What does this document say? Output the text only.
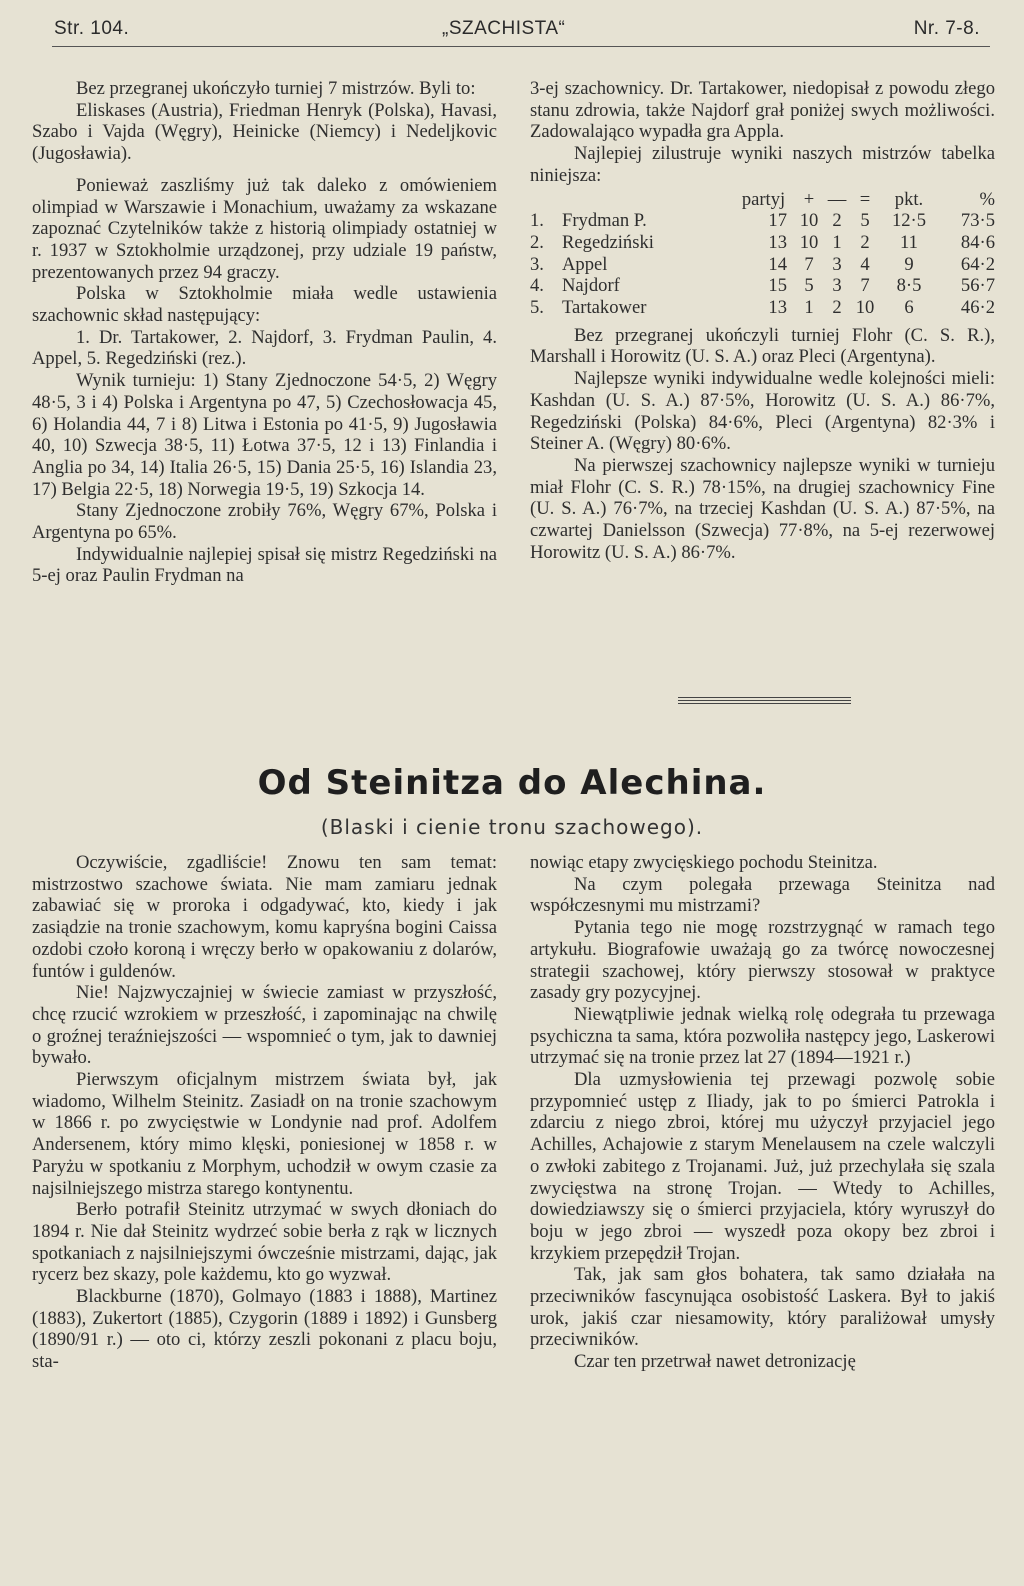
Str. 104.	„SZACHISTA“	Nr. 7-8.

Bez przegranej ukończyło turniej 7 mistrzów. Byli to:

Eliskases (Austria), Friedman Henryk (Polska), Havasi, Szabo i Vajda (Węgry), Heinicke (Niemcy) i Nedeljkovic (Jugosławia).

Ponieważ zaszliśmy już tak daleko z omówieniem olimpiad w Warszawie i Monachium, uważamy za wskazane zapoznać Czytelników także z historią olimpiady ostatniej w r. 1937 w Sztokholmie urządzonej, przy udziale 19 państw, prezentowanych przez 94 graczy.

Polska w Sztokholmie miała wedle ustawienia szachownic skład następujący:

1. Dr. Tartakower, 2. Najdorf, 3. Frydman Paulin, 4. Appel, 5. Regedziński (rez.).

Wynik turnieju: 1) Stany Zjednoczone 54·5, 2) Węgry 48·5, 3 i 4) Polska i Argentyna po 47, 5) Czechosłowacja 45, 6) Holandia 44, 7 i 8) Litwa i Estonia po 41·5, 9) Jugosławia 40, 10) Szwecja 38·5, 11) Łotwa 37·5, 12 i 13) Finlandia i Anglia po 34, 14) Italia 26·5, 15) Dania 25·5, 16) Islandia 23, 17) Belgia 22·5, 18) Norwegia 19·5, 19) Szkocja 14.

Stany Zjednoczone zrobiły 76%, Węgry 67%, Polska i Argentyna po 65%.

Indywidualnie najlepiej spisał się mistrz Regedziński na 5-ej oraz Paulin Frydman na

3-ej szachownicy. Dr. Tartakower, niedopisał z powodu złego stanu zdrowia, także Najdorf grał poniżej swych możliwości. Zadowalająco wypadła gra Appla.

Najlepiej zilustruje wyniki naszych mistrzów tabelka niniejsza:

		partyj	+	—	=	pkt.	%
1.	Frydman P.	17	10	2	5	12·5	73·5
2.	Regedziński	13	10	1	2	11	84·6
3.	Appel	14	7	3	4	9	64·2
4.	Najdorf	15	5	3	7	8·5	56·7
5.	Tartakower	13	1	2	10	6	46·2

Bez przegranej ukończyli turniej Flohr (C. S. R.), Marshall i Horowitz (U. S. A.) oraz Pleci (Argentyna).

Najlepsze wyniki indywidualne wedle kolejności mieli: Kashdan (U. S. A.) 87·5%, Horowitz (U. S. A.) 86·7%, Regedziński (Polska) 84·6%, Pleci (Argentyna) 82·3% i Steiner A. (Węgry) 80·6%.

Na pierwszej szachownicy najlepsze wyniki w turnieju miał Flohr (C. S. R.) 78·15%, na drugiej szachownicy Fine (U. S. A.) 76·7%, na trzeciej Kashdan (U. S. A.) 87·5%, na czwartej Danielsson (Szwecja) 77·8%, na 5-ej rezerwowej Horowitz (U. S. A.) 86·7%.

Od Steinitza do Alechina.
(Blaski i cienie tronu szachowego).

Oczywiście, zgadliście! Znowu ten sam temat: mistrzostwo szachowe świata. Nie mam zamiaru jednak zabawiać się w proroka i odgadywać, kto, kiedy i jak zasiądzie na tronie szachowym, komu kapryśna bogini Caissa ozdobi czoło koroną i wręczy berło w opakowaniu z dolarów, funtów i guldenów.

Nie! Najzwyczajniej w świecie zamiast w przyszłość, chcę rzucić wzrokiem w przeszłość, i zapominając na chwilę o groźnej teraźniejszości — wspomnieć o tym, jak to dawniej bywało.

Pierwszym oficjalnym mistrzem świata był, jak wiadomo, Wilhelm Steinitz. Zasiadł on na tronie szachowym w 1866 r. po zwycięstwie w Londynie nad prof. Adolfem Andersenem, który mimo klęski, poniesionej w 1858 r. w Paryżu w spotkaniu z Morphym, uchodził w owym czasie za najsilniejszego mistrza starego kontynentu.

Berło potrafił Steinitz utrzymać w swych dłoniach do 1894 r. Nie dał Steinitz wydrzeć sobie berła z rąk w licznych spotkaniach z najsilniejszymi ówcześnie mistrzami, dając, jak rycerz bez skazy, pole każdemu, kto go wyzwał.

Blackburne (1870), Golmayo (1883 i 1888), Martinez (1883), Zukertort (1885), Czygorin (1889 i 1892) i Gunsberg (1890/91 r.) — oto ci, którzy zeszli pokonani z placu boju, sta-

nowiąc etapy zwycięskiego pochodu Steinitza.

Na czym polegała przewaga Steinitza nad współczesnymi mu mistrzami?

Pytania tego nie mogę rozstrzygnąć w ramach tego artykułu. Biografowie uważają go za twórcę nowoczesnej strategii szachowej, który pierwszy stosował w praktyce zasady gry pozycyjnej.

Niewątpliwie jednak wielką rolę odegrała tu przewaga psychiczna ta sama, która pozwoliła następcy jego, Laskerowi utrzymać się na tronie przez lat 27 (1894—1921 r.)

Dla uzmysłowienia tej przewagi pozwolę sobie przypomnieć ustęp z Iliady, jak to po śmierci Patrokla i zdarciu z niego zbroi, której mu użyczył przyjaciel jego Achilles, Achajowie z starym Menelausem na czele walczyli o zwłoki zabitego z Trojanami. Już, już przechylała się szala zwycięstwa na stronę Trojan. — Wtedy to Achilles, dowiedziawszy się o śmierci przyjaciela, który wyruszył do boju w jego zbroi — wyszedł poza okopy bez zbroi i krzykiem przepędził Trojan.

Tak, jak sam głos bohatera, tak samo działała na przeciwników fascynująca osobistość Laskera. Był to jakiś urok, jakiś czar niesamowity, który paraliżował umysły przeciwników.

Czar ten przetrwał nawet detronizację
